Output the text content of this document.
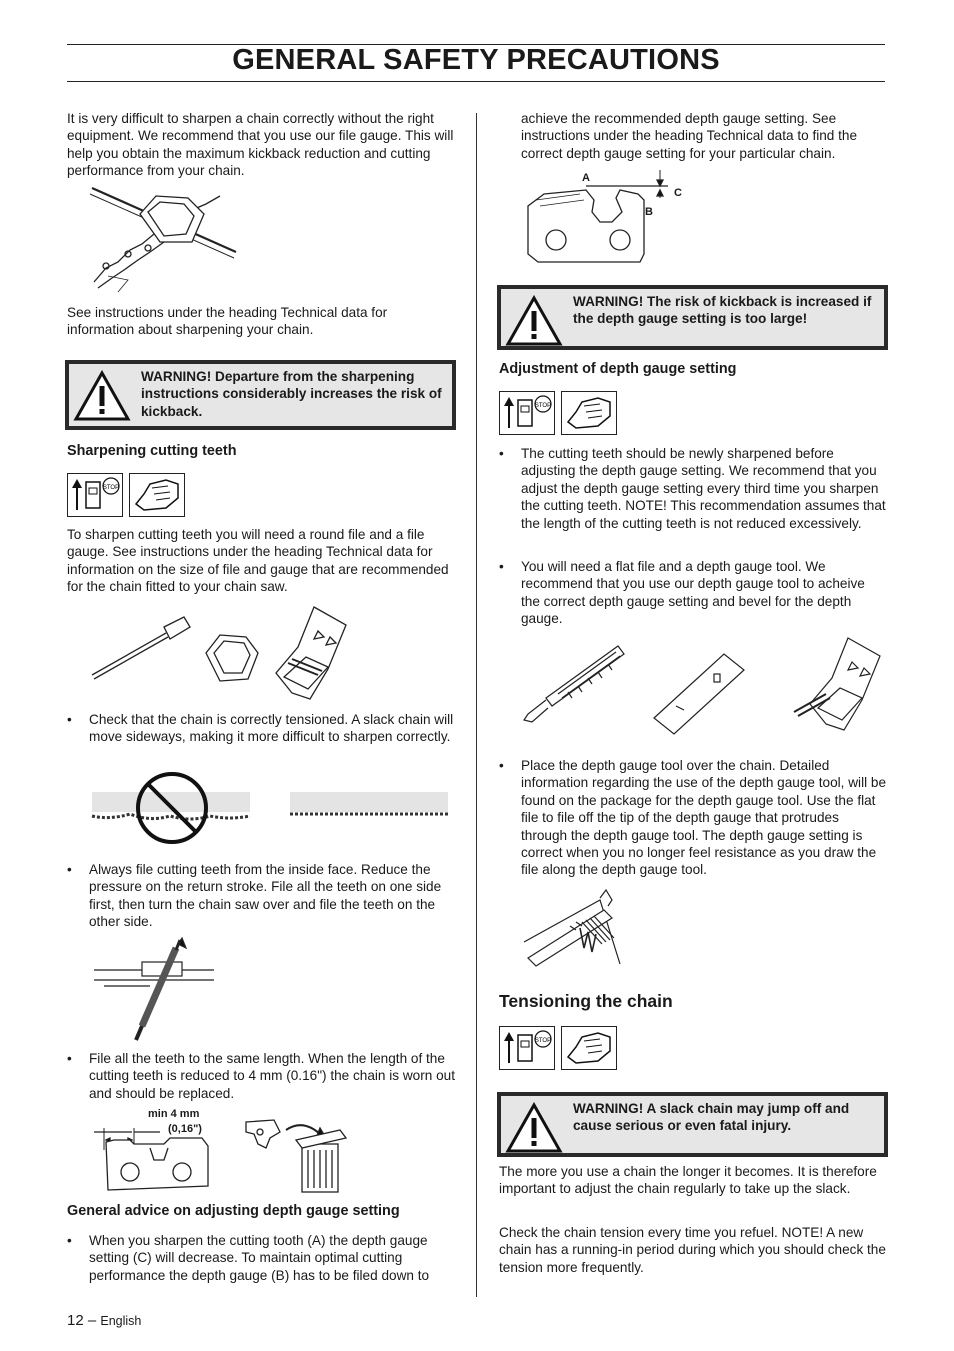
GENERAL SAFETY PRECAUTIONS

It is very difficult to sharpen a chain correctly without the right equipment. We recommend that you use our file gauge. This will help you obtain the maximum kickback reduction and cutting performance from your chain.

See instructions under the heading Technical data for information about sharpening your chain.

WARNING! Departure from the sharpening instructions considerably increases the risk of kickback.
Sharpening cutting teeth
STOP

To sharpen cutting teeth you will need a round file and a file gauge. See instructions under the heading Technical data for information on the size of file and gauge that are recommended for the chain fitted to your chain saw.

• Check that the chain is correctly tensioned. A slack chain will move sideways, making it more difficult to sharpen correctly.
• Always file cutting teeth from the inside face. Reduce the pressure on the return stroke. File all the teeth on one side first, then turn the chain saw over and file the teeth on the other side.
• File all the teeth to the same length. When the length of the cutting teeth is reduced to 4 mm (0.16") the chain is worn out and should be replaced.
min 4 mm
(0,16")
General advice on adjusting depth gauge setting
• When you sharpen the cutting tooth (A) the depth gauge setting (C) will decrease. To maintain optimal cutting performance the depth gauge (B) has to be filed down to
12 – English

achieve the recommended depth gauge setting. See instructions under the heading Technical data to find the correct depth gauge setting for your particular chain.

A
B
C
WARNING! The risk of kickback is increased if the depth gauge setting is too large!
Adjustment of depth gauge setting
STOP
• The cutting teeth should be newly sharpened before adjusting the depth gauge setting. We recommend that you adjust the depth gauge setting every third time you sharpen the cutting teeth. NOTE! This recommendation assumes that the length of the cutting teeth is not reduced excessively.
• You will need a flat file and a depth gauge tool. We recommend that you use our depth gauge tool to acheive the correct depth gauge setting and bevel for the depth gauge.
• Place the depth gauge tool over the chain. Detailed information regarding the use of the depth gauge tool, will be found on the package for the depth gauge tool. Use the flat file to file off the tip of the depth gauge that protrudes through the depth gauge tool. The depth gauge setting is correct when you no longer feel resistance as you draw the file along the depth gauge tool.
Tensioning the chain
STOP
WARNING! A slack chain may jump off and cause serious or even fatal injury.

The more you use a chain the longer it becomes. It is therefore important to adjust the chain regularly to take up the slack.

Check the chain tension every time you refuel. NOTE! A new chain has a running-in period during which you should check the tension more frequently.
